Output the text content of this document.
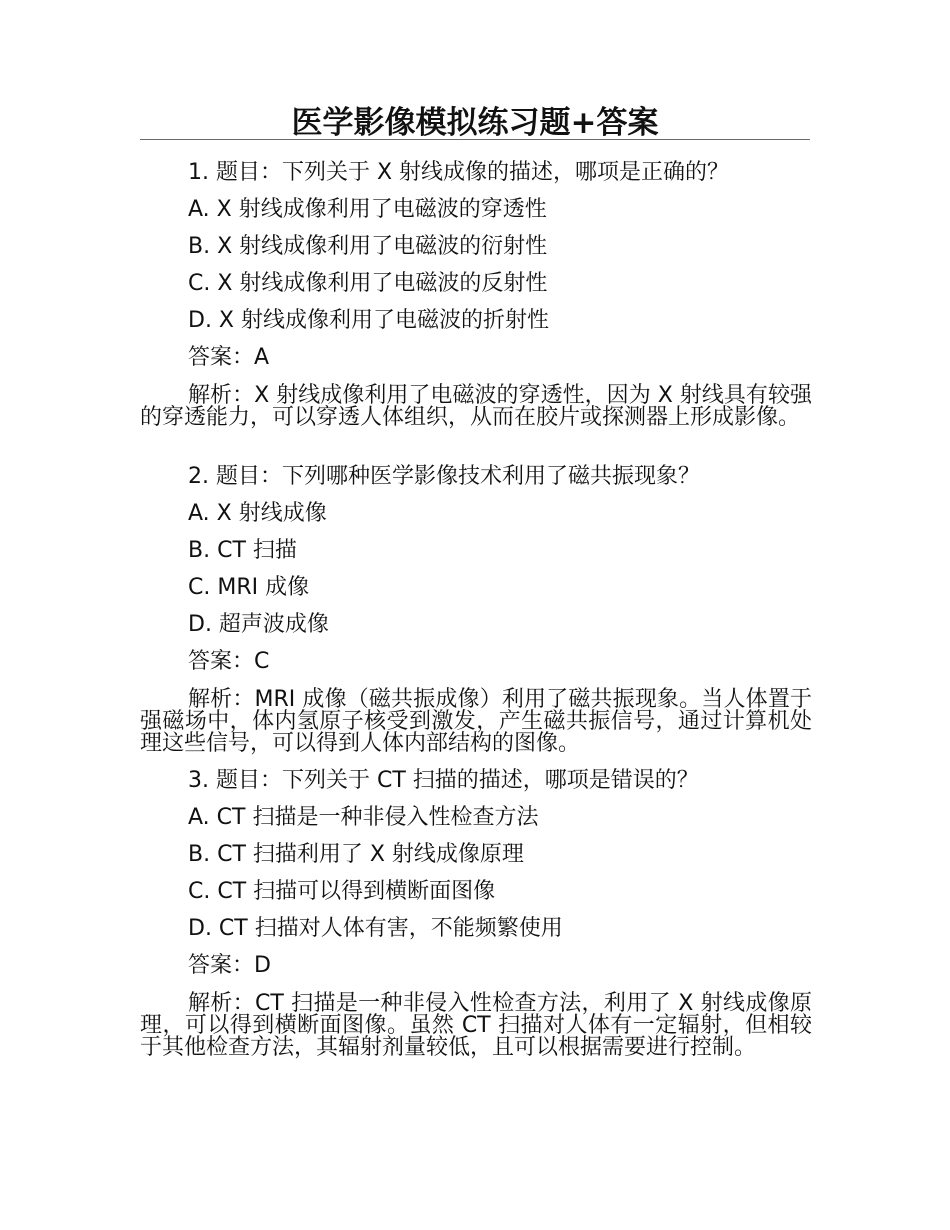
医学影像模拟练习题+答案
1. 题目：下列关于 X 射线成像的描述，哪项是正确的？
A. X 射线成像利用了电磁波的穿透性
B. X 射线成像利用了电磁波的衍射性
C. X 射线成像利用了电磁波的反射性
D. X 射线成像利用了电磁波的折射性
答案：A
解析：X 射线成像利用了电磁波的穿透性，因为 X 射线具有较强的穿透能力，可以穿透人体组织，从而在胶片或探测器上形成影像。
2. 题目：下列哪种医学影像技术利用了磁共振现象？
A. X 射线成像
B. CT 扫描
C. MRI 成像
D. 超声波成像
答案：C
解析：MRI 成像（磁共振成像）利用了磁共振现象。当人体置于强磁场中，体内氢原子核受到激发，产生磁共振信号，通过计算机处理这些信号，可以得到人体内部结构的图像。
3. 题目：下列关于 CT 扫描的描述，哪项是错误的？
A. CT 扫描是一种非侵入性检查方法
B. CT 扫描利用了 X 射线成像原理
C. CT 扫描可以得到横断面图像
D. CT 扫描对人体有害，不能频繁使用
答案：D
解析：CT 扫描是一种非侵入性检查方法，利用了 X 射线成像原理，可以得到横断面图像。虽然 CT 扫描对人体有一定辐射，但相较于其他检查方法，其辐射剂量较低，且可以根据需要进行控制。
